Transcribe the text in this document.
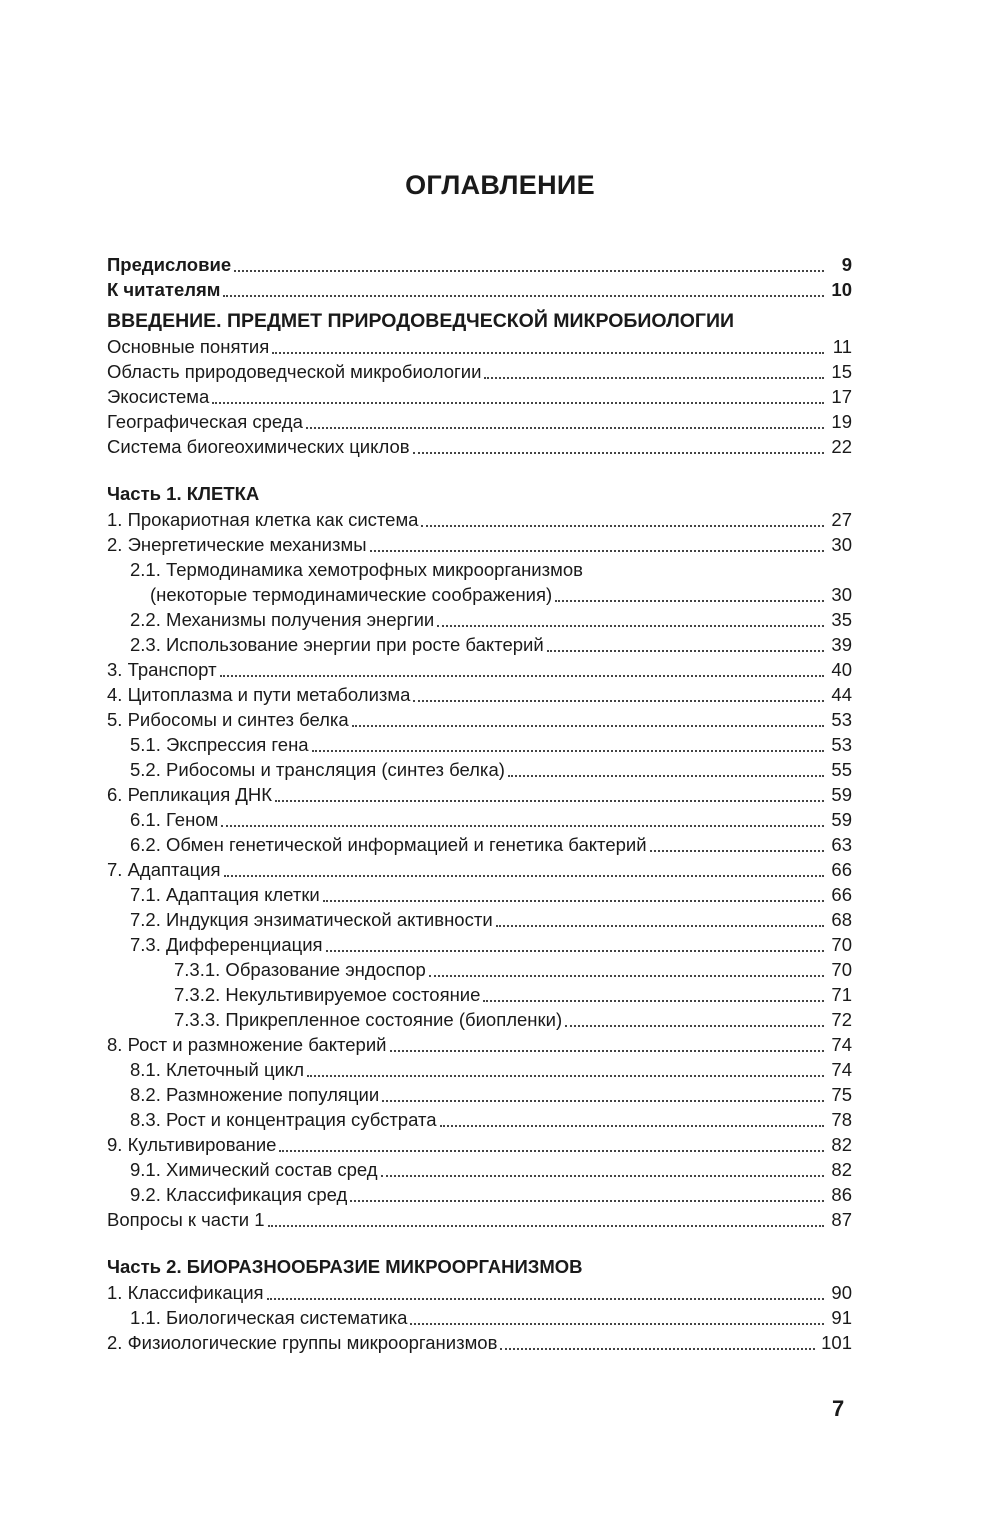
ОГЛАВЛЕНИЕ
Предисловие	9
К читателям	10
ВВЕДЕНИЕ. ПРЕДМЕТ ПРИРОДОВЕДЧЕСКОЙ МИКРОБИОЛОГИИ
Основные понятия	11
Область природоведческой микробиологии	15
Экосистема	17
Географическая среда	19
Система биогеохимических циклов	22
Часть 1. КЛЕТКА
1. Прокариотная клетка как система	27
2. Энергетические механизмы	30
2.1. Термодинамика хемотрофных микроорганизмов
(некоторые термодинамические соображения)	30
2.2. Механизмы получения энергии	35
2.3. Использование энергии при росте бактерий	39
3. Транспорт	40
4. Цитоплазма и пути метаболизма	44
5. Рибосомы и синтез белка	53
5.1. Экспрессия гена	53
5.2. Рибосомы и трансляция (синтез белка)	55
6. Репликация ДНК	59
6.1. Геном	59
6.2. Обмен генетической информацией и генетика бактерий	63
7. Адаптация	66
7.1. Адаптация клетки	66
7.2. Индукция энзиматической активности	68
7.3. Дифференциация	70
7.3.1. Образование эндоспор	70
7.3.2. Некультивируемое состояние	71
7.3.3. Прикрепленное состояние (биопленки)	72
8. Рост и размножение бактерий	74
8.1. Клеточный цикл	74
8.2. Размножение популяции	75
8.3. Рост и концентрация субстрата	78
9. Культивирование	82
9.1. Химический состав сред	82
9.2. Классификация сред	86
Вопросы к части 1	87
Часть 2. БИОРАЗНООБРАЗИЕ МИКРООРГАНИЗМОВ
1. Классификация	90
1.1. Биологическая систематика	91
2. Физиологические группы микроорганизмов	101
7
